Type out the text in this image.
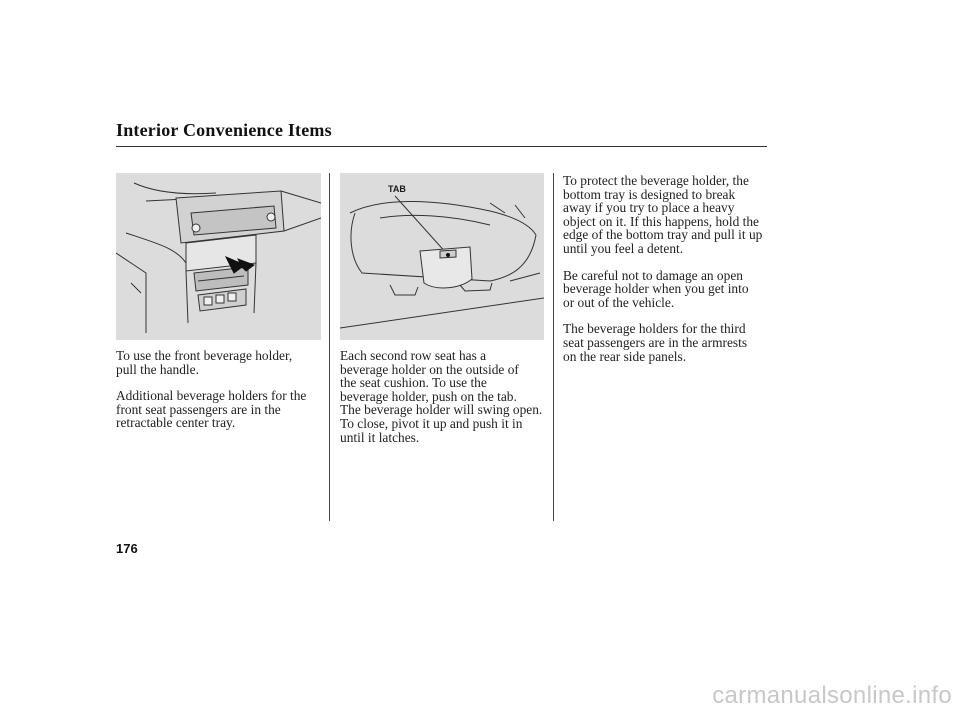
Interior Convenience Items
TAB

To use the front beverage holder,
pull the handle.

Additional beverage holders for the
front seat passengers are in the
retractable center tray.

Each second row seat has a
beverage holder on the outside of
the seat cushion. To use the
beverage holder, push on the tab.
The beverage holder will swing open.
To close, pivot it up and push it in
until it latches.

To protect the beverage holder, the
bottom tray is designed to break
away if you try to place a heavy
object on it. If this happens, hold the
edge of the bottom tray and pull it up
until you feel a detent.

Be careful not to damage an open
beverage holder when you get into
or out of the vehicle.

The beverage holders for the third
seat passengers are in the armrests
on the rear side panels.

176
carmanualsonline.info
